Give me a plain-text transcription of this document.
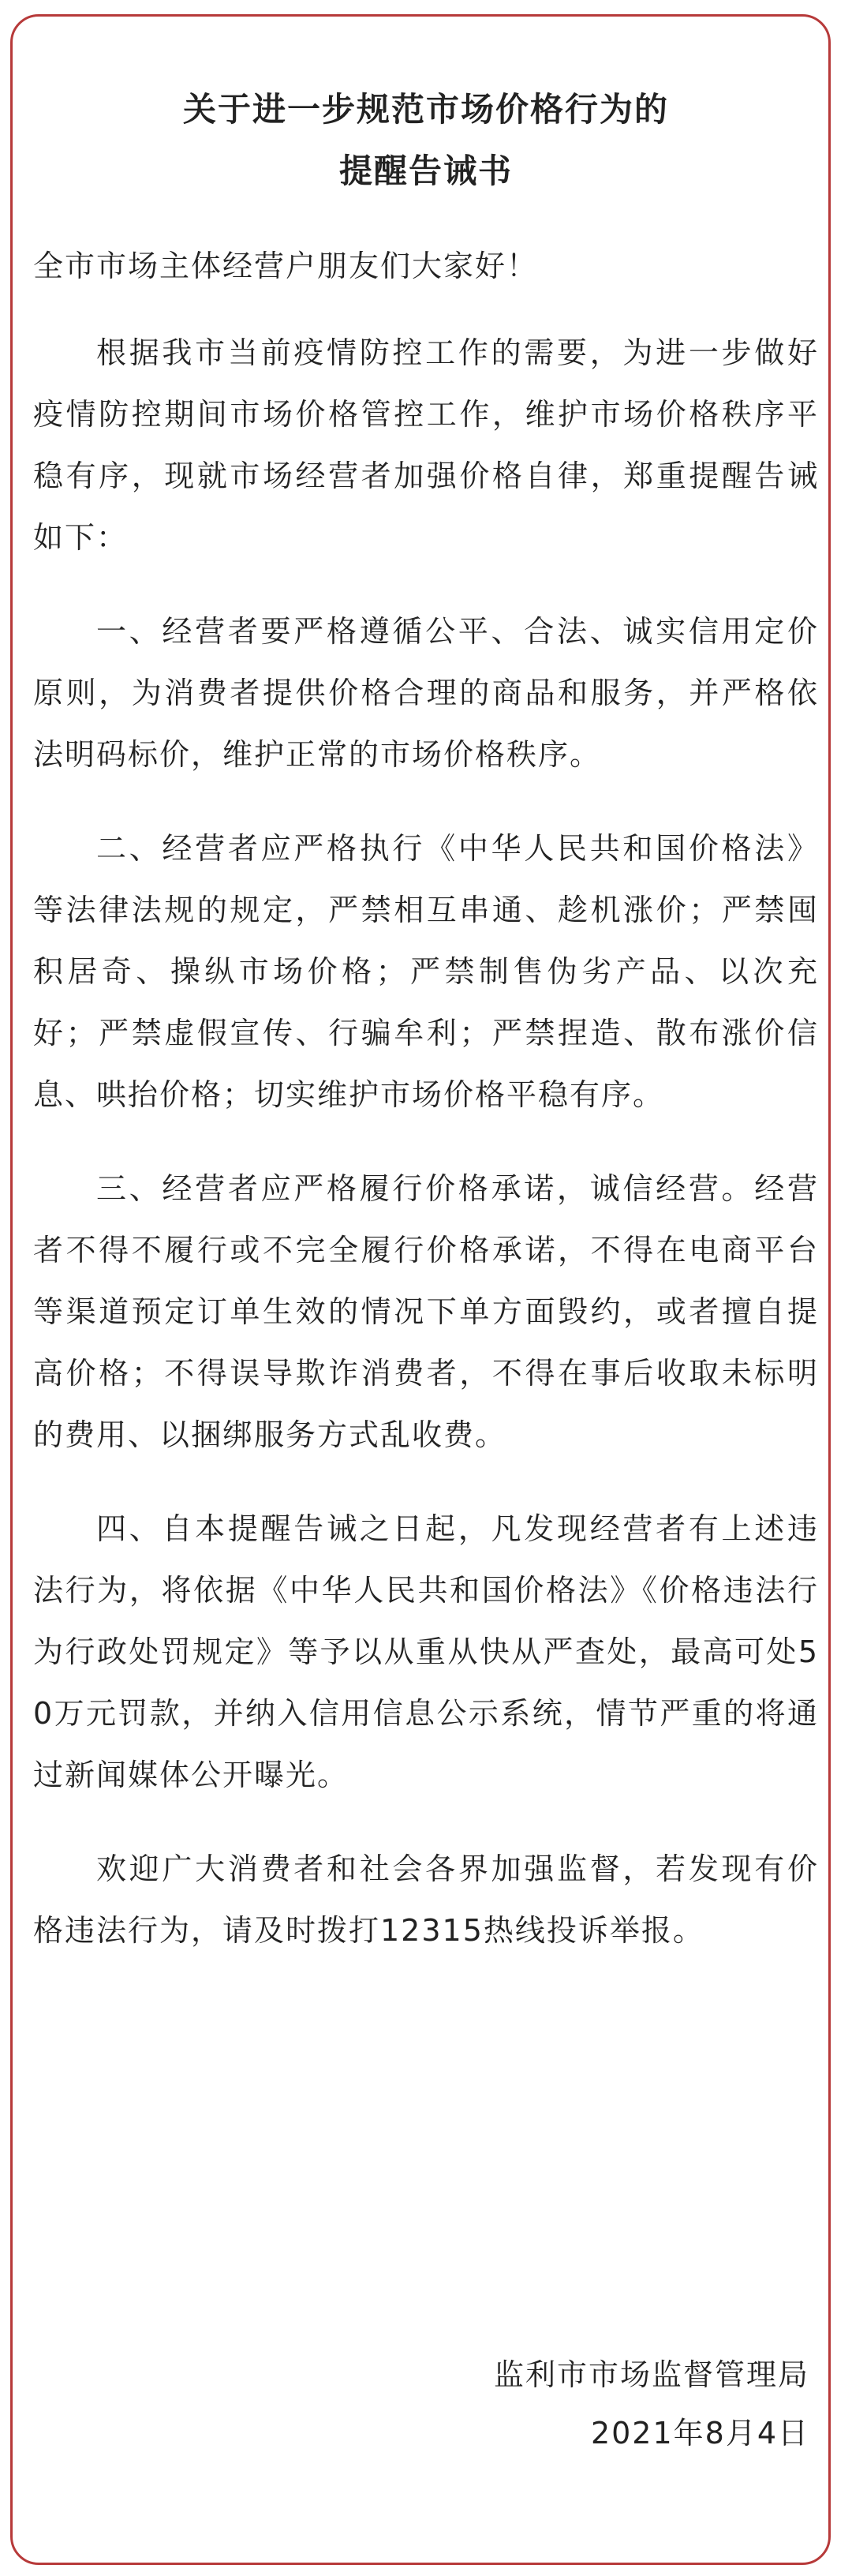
关于进一步规范市场价格行为的
提醒告诫书

全市市场主体经营户朋友们大家好！

根据我市当前疫情防控工作的需要，为进一步做好疫情防控期间市场价格管控工作，维护市场价格秩序平稳有序，现就市场经营者加强价格自律，郑重提醒告诫如下：

一、经营者要严格遵循公平、合法、诚实信用定价原则，为消费者提供价格合理的商品和服务，并严格依法明码标价，维护正常的市场价格秩序。

二、经营者应严格执行《中华人民共和国价格法》等法律法规的规定，严禁相互串通、趁机涨价；严禁囤积居奇、操纵市场价格；严禁制售伪劣产品、以次充好；严禁虚假宣传、行骗牟利；严禁捏造、散布涨价信息、哄抬价格；切实维护市场价格平稳有序。

三、经营者应严格履行价格承诺，诚信经营。经营者不得不履行或不完全履行价格承诺，不得在电商平台等渠道预定订单生效的情况下单方面毁约，或者擅自提高价格；不得误导欺诈消费者，不得在事后收取未标明的费用、以捆绑服务方式乱收费。

四、自本提醒告诫之日起，凡发现经营者有上述违法行为，将依据《中华人民共和国价格法》《价格违法行为行政处罚规定》等予以从重从快从严查处，最高可处50万元罚款，并纳入信用信息公示系统，情节严重的将通过新闻媒体公开曝光。

欢迎广大消费者和社会各界加强监督，若发现有价格违法行为，请及时拨打12315热线投诉举报。

监利市市场监督管理局
2021年8月4日
